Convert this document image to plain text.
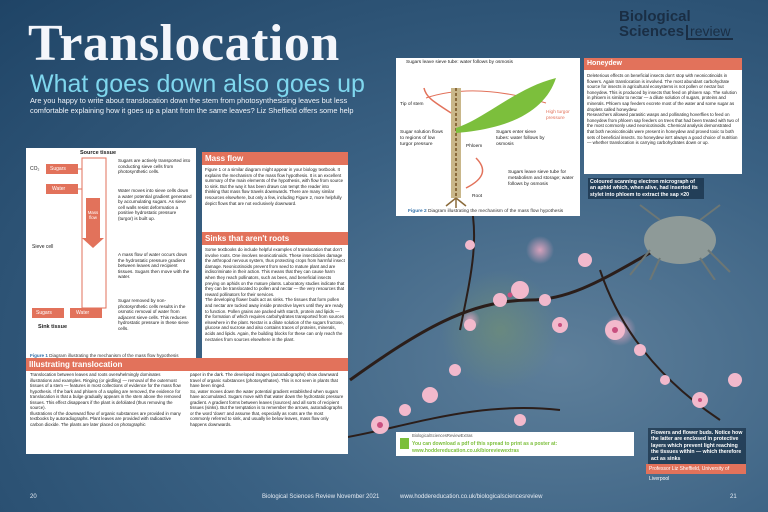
Biological
Sciences review
Translocation
What goes down also goes up
Are you happy to write about translocation down the stem from photosynthesising leaves but less comfortable explaining how it goes up a plant from the same leaves? Liz Sheffield offers some help
Source tissue
CO₂ Sugars
Water
Mass flow
Sieve cell
Sugars	Water
Sink tissue
Sugars are actively transported into conducting sieve cells from photosynthetic cells.
Water moves into sieve cells down a water potential gradient generated by accumulating sugars. As sieve cell walls resist deformation a positive hydrostatic pressure (turgor) is built up.
A mass flow of water occurs down the hydrostatic pressure gradient between leaves and recipient tissues. Sugars then move with the water.
Sugar removed by non-photosynthetic cells results in the osmotic removal of water from adjacent sieve cells. This reduces hydrostatic pressure in these sieve cells.
Figure 1 Diagram illustrating the mechanism of the mass flow hypothesis
Mass flow
Figure 1 or a similar diagram might appear in your biology textbook. It explains the mechanism of the mass flow hypothesis. It is an excellent summary of the main elements of the hypothesis, with flow from source to sink. But the way it has been drawn can tempt the reader into thinking that mass flow travels downwards. There are many similar resources elsewhere, but only a few, including Figure 2, more helpfully depict flows that are not exclusively downward.
Sinks that aren't roots
Some textbooks do include helpful examples of translocation that don't involve roots. One involves neonicotinoids. These insecticides damage the arthropod nervous system, thus protecting crops from harmful insect damage. Neonicotinoids prevent from seed to mature plant and are indiscriminate in their action. This means that they can cause harm when they reach pollinators, such as bees, and beneficial insects preying on aphids on the mature plants. Laboratory studies indicate that they can be translocated to pollen and nectar — the very resources that reward pollinators for their services.
The developing flower buds act as sinks. The tissues that form pollen and nectar are tucked away inside protective layers until they are ready to function. Pollen grains are packed with starch, protein and lipids — the formation of which requires carbohydrates transported from sources elsewhere in the plant. Nectar is a dilute solution of the sugars fructose, glucose and sucrose and also contains traces of proteins, minerals, acids and lipids. Again, the building blocks for these can only reach the nectaries from sources elsewhere in the plant.
Illustrating translocation
Translocation between leaves and roots overwhelmingly dominates illustrations and examples. Ringing (or girdling) — removal of the outermost tissues of a stem — features in most collections of evidence for the mass flow hypothesis. If the bark and phloem of a sapling are removed, the evidence for translocation is that a bulge gradually appears in the stem above the removed tissues. This effect disappears if the plant is defoliated (thus removing the source).
Illustrations of the downward flow of organic substances are provided in many textbooks by autoradiographs. Plant leaves are provided with radioactive carbon dioxide. The plants are later placed on photographic
paper in the dark. The developed images (autoradiographs) show downward travel of organic substances (photosynthates). This is not seen in plants that have been ringed.
So, water moves down the water potential gradient established when sugars have accumulated. Sugars move with that water down the hydrostatic pressure gradient. A gradient forms between leaves (sources) and all sorts of recipient tissues (sinks). But the temptation is to remember the arrows, autoradiographs or the word 'down' and assume that, especially as roots are the most commonly referred to sink, and usually lie below leaves, mass flow only happens downwards.
Sugars leave sieve tube: water follows by osmosis
Tip of stem
Sugar solution flows to regions of low turgor pressure	Phloem
Sugars enter sieve tubes: water follows by osmosis
High turgor pressure
Sugars leave sieve tube for metabolism and storage; water follows by osmosis
Root
Figure 2 Diagram illustrating the mechanism of the mass flow hypothesis
Honeydew
Deleterious effects on beneficial insects don't stop with neonicotinoids in flowers. Again translocation is involved. The most abundant carbohydrate source for insects in agricultural ecosystems is not pollen or nectar but honeydew. This is produced by insects that feed on phloem sap. The solution in phloem is similar to nectar — a dilute solution of sugars, proteins and minerals. Phloem sap feeders excrete most of the water and some sugar as droplets called honeydew.
Researchers allowed parasitic wasps and pollinating hoverflies to feed on honeydew from phloem sap feeders on trees that had been treated with two of the most commonly used neonicotinoids. Chemical analysis demonstrated that both neonicotinoids were present in honeydew and proved toxic to both sets of beneficial insects. So honeydew isn't always a good choice of nutrition — whether translocation is carrying carbohydrates down or up.
Coloured scanning electron micrograph of an aphid which, when alive, had inserted its stylet into phloem to extract the sap ×20
Flowers and flower buds. Notice how the latter are enclosed in protective layers which prevent light reaching the tissues within — which therefore act as sinks
Professor Liz Sheffield, University of Liverpool
BiologicalSciencesReviewExtras
You can download a pdf of this spread to print as a poster at:
www.hoddereducation.co.uk/bioreviewextras
20	Biological Sciences Review November 2021	www.hoddereducation.co.uk/biologicalsciencesreview	21
